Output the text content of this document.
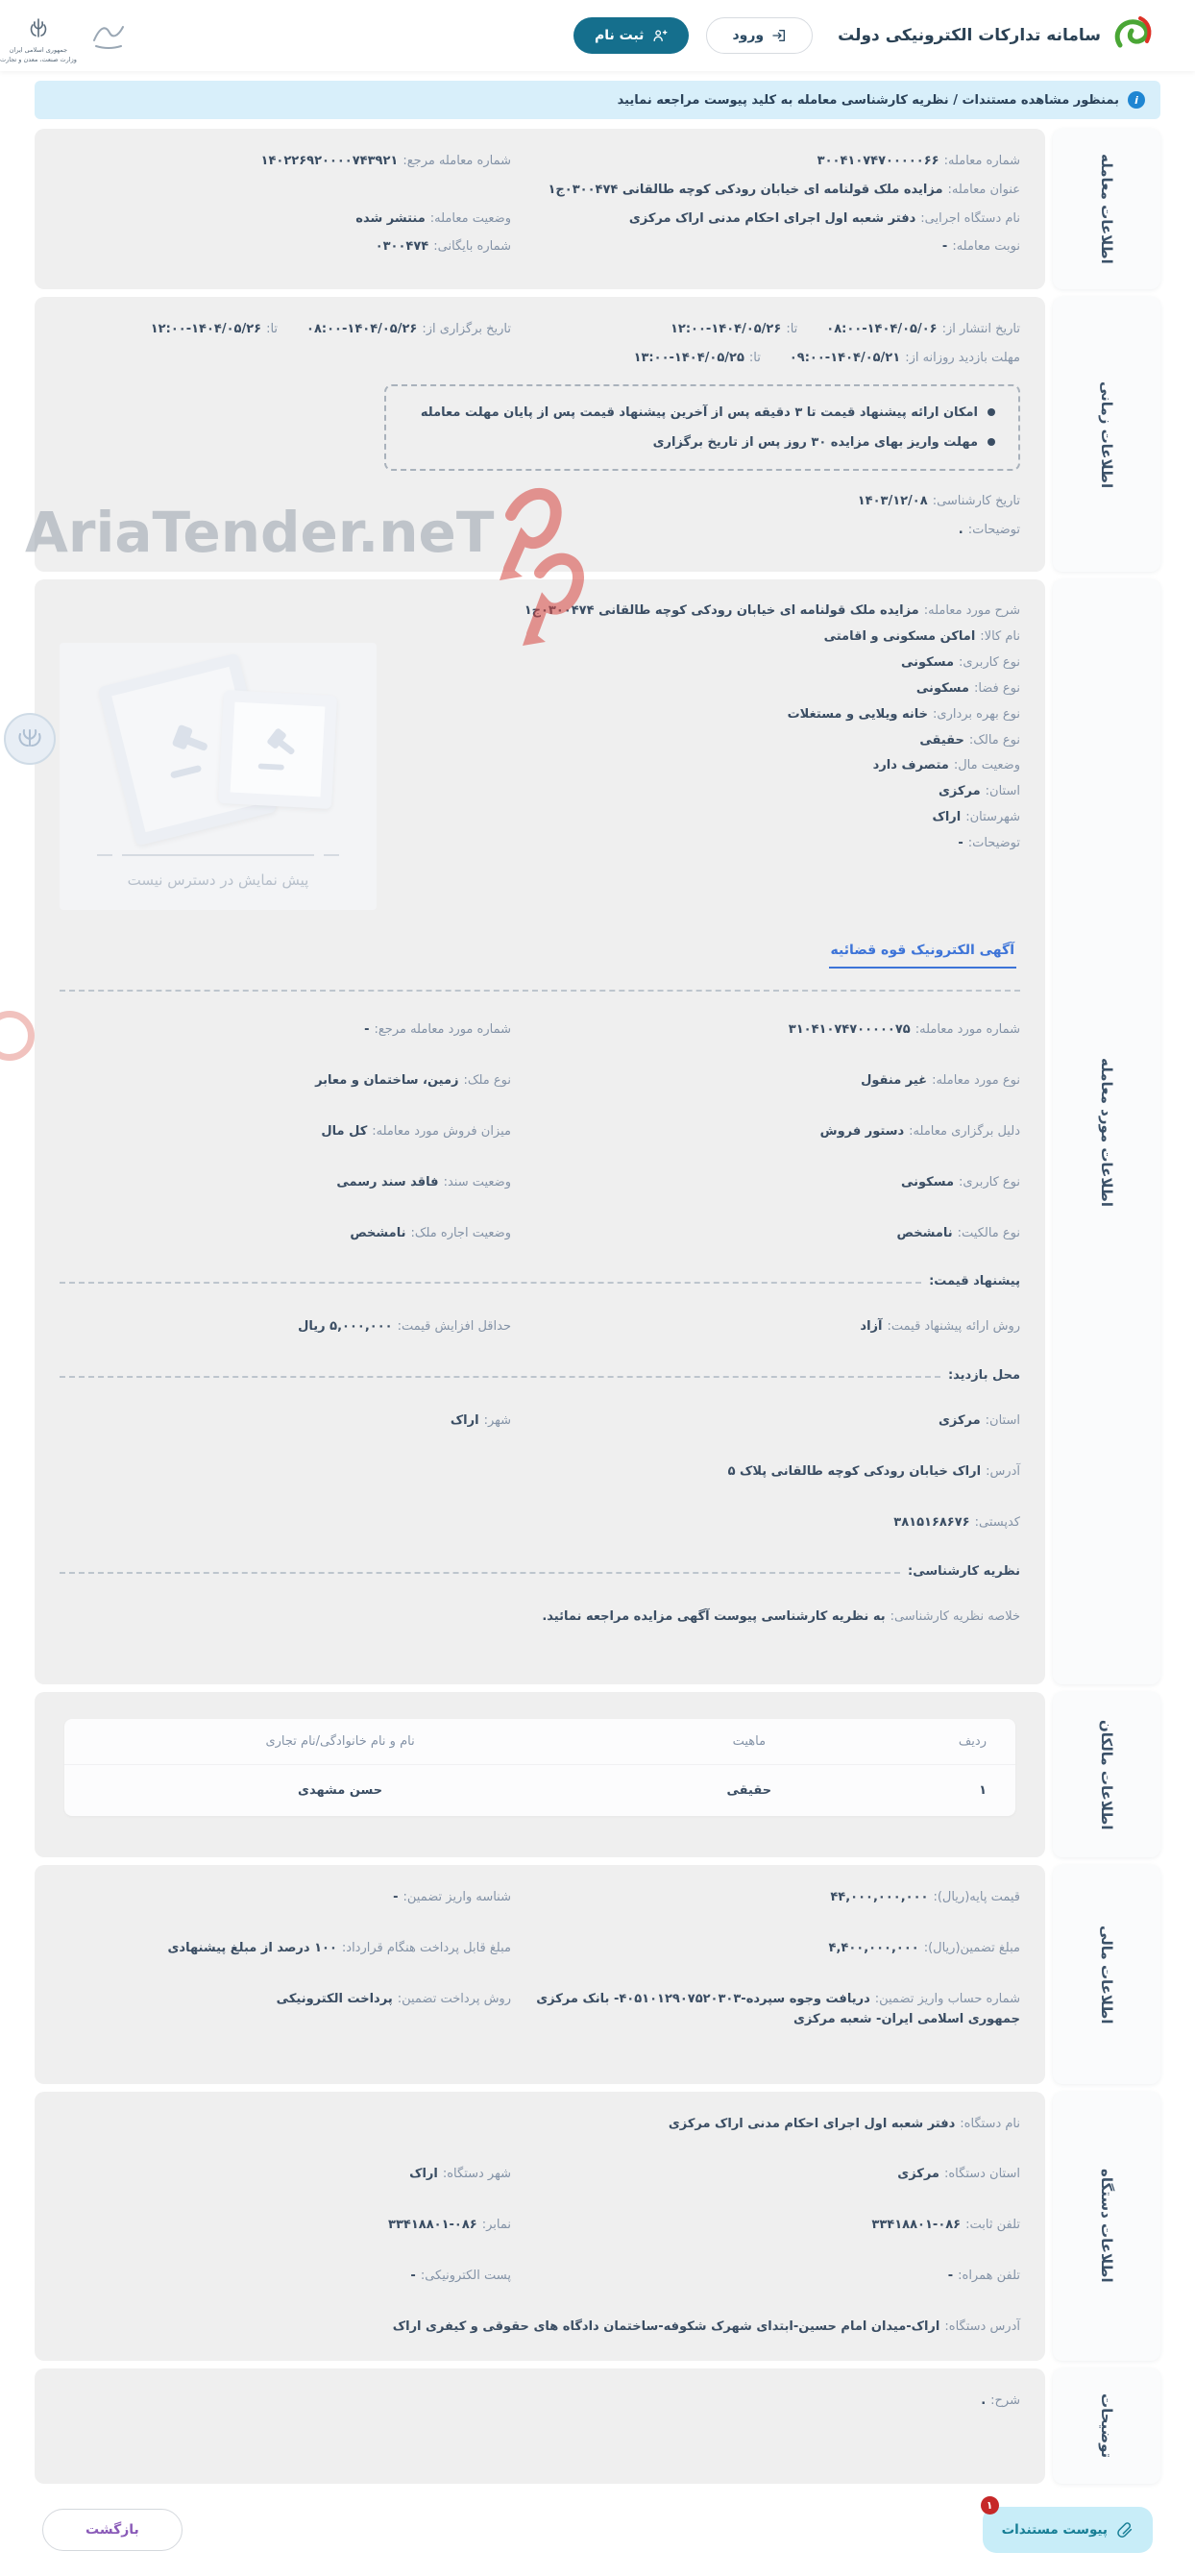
سامانه تدارکات الکترونیکی دولت
ورود
ثبت نام
جمهوری اسلامی ایران
وزارت صنعت، معدن و تجارت
i
بمنظور مشاهده مستندات / نظریه کارشناسی معامله به کلید پیوست مراجعه نمایید
اطلاعات معامله
شماره معامله:۳۰۰۴۱۰۷۴۷۰۰۰۰۰۶۶
شماره معامله مرجع:۱۴۰۲۲۶۹۲۰۰۰۰۷۴۳۹۲۱
عنوان معامله:مزایده ملک قولنامه ای خیابان رودکی کوچه طالقانی ۰۳۰۰۴۷۴ج۱
نام دستگاه اجرایی:دفتر شعبه اول اجرای احکام مدنی اراک مرکزی
وضعیت معامله:منتشر شده
نوبت معامله:-
شماره بایگانی:۰۳۰۰۴۷۴
اطلاعات زمانی
تاریخ انتشار از:۱۴۰۴/۰۵/۰۶-۰۸:۰۰تا:۱۴۰۴/۰۵/۲۶-۱۲:۰۰
تاریخ برگزاری از:۱۴۰۴/۰۵/۲۶-۰۸:۰۰تا:۱۴۰۴/۰۵/۲۶-۱۲:۰۰
مهلت بازدید روزانه از:۱۴۰۴/۰۵/۲۱-۰۹:۰۰تا:۱۴۰۴/۰۵/۲۵-۱۳:۰۰
امکان ارائه پیشنهاد قیمت تا ۳ دقیقه پس از آخرین پیشنهاد قیمت پس از پایان مهلت معامله
مهلت واریز بهای مزایده ۳۰ روز پس از تاریخ برگزاری
تاریخ کارشناسی:۱۴۰۳/۱۲/۰۸
توضیحات:.
اطلاعات مورد معامله
شرح مورد معامله:مزایده ملک قولنامه ای خیابان رودکی کوچه طالقانی ۰۳۰۰۴۷۴ج۱
نام کالا:اماکن مسکونی و اقامتی
نوع کاربری:مسکونی
نوع فضا:مسکونی
نوع بهره برداری:خانه ویلایی و مستغلات
نوع مالک:حقیقی
وضعیت مال:متصرف دارد
استان:مرکزی
شهرستان:اراک
توضیحات:-
پیش نمایش در دسترس نیست
آگهی الکترونیک قوه قضائیه
شماره مورد معامله:۳۱۰۴۱۰۷۴۷۰۰۰۰۰۷۵
شماره مورد معامله مرجع:-
نوع مورد معامله:غیر منقول
نوع ملک:زمین، ساختمان و معابر
دلیل برگزاری معامله:دستور فروش
میزان فروش مورد معامله:کل مال
نوع کاربری:مسکونی
وضعیت سند:فاقد سند رسمی
نوع مالکیت:نامشخص
وضعیت اجاره ملک:نامشخص
پیشنهاد قیمت:
روش ارائه پیشنهاد قیمت:آزاد
حداقل افزایش قیمت:۵,۰۰۰,۰۰۰ ریال
محل بازدید:
استان:مرکزی
شهر:اراک
آدرس:اراک خیابان رودکی کوچه طالقانی پلاک ۵
کدپستی:۳۸۱۵۱۶۸۶۷۶
نظریه کارشناسی:
خلاصه نظریه کارشناسی:به نظریه کارشناسی پیوست آگهی مزایده مراجعه نمائید.
اطلاعات مالکان
ردیف	ماهیت	نام و نام خانوادگی/نام تجاری
۱	حقیقی	حسن مشهدی
اطلاعات مالی
قیمت پایه(ریال):۴۴,۰۰۰,۰۰۰,۰۰۰
شناسه واریز تضمین:-
مبلغ تضمین(ریال):۴,۴۰۰,۰۰۰,۰۰۰
مبلغ قابل پرداخت هنگام قرارداد:۱۰۰ درصد از مبلغ پیشنهادی
شماره حساب واریز تضمین:دریافت وجوه سپرده-۴۰۵۱۰۱۲۹۰۷۵۲۰۳۰۳- بانک مرکزی جمهوری اسلامی ایران- شعبه مرکزی
روش پرداخت تضمین:پرداخت الکترونیکی
اطلاعات دستگاه
نام دستگاه:دفتر شعبه اول اجرای احکام مدنی اراک مرکزی
استان دستگاه:مرکزی
شهر دستگاه:اراک
تلفن ثابت:۰۸۶-۳۳۴۱۸۸۰۱
نمابر:۰۸۶-۳۳۴۱۸۸۰۱
تلفن همراه:-
پست الکترونیکی:-
آدرس دستگاه:اراک-میدان امام حسین-ابتدای شهرک شکوفه-ساختمان دادگاه های حقوقی و کیفری اراک
توضیحات
شرح:.
۱
پیوست مستندات
بازگشت
AriaTender.neT
